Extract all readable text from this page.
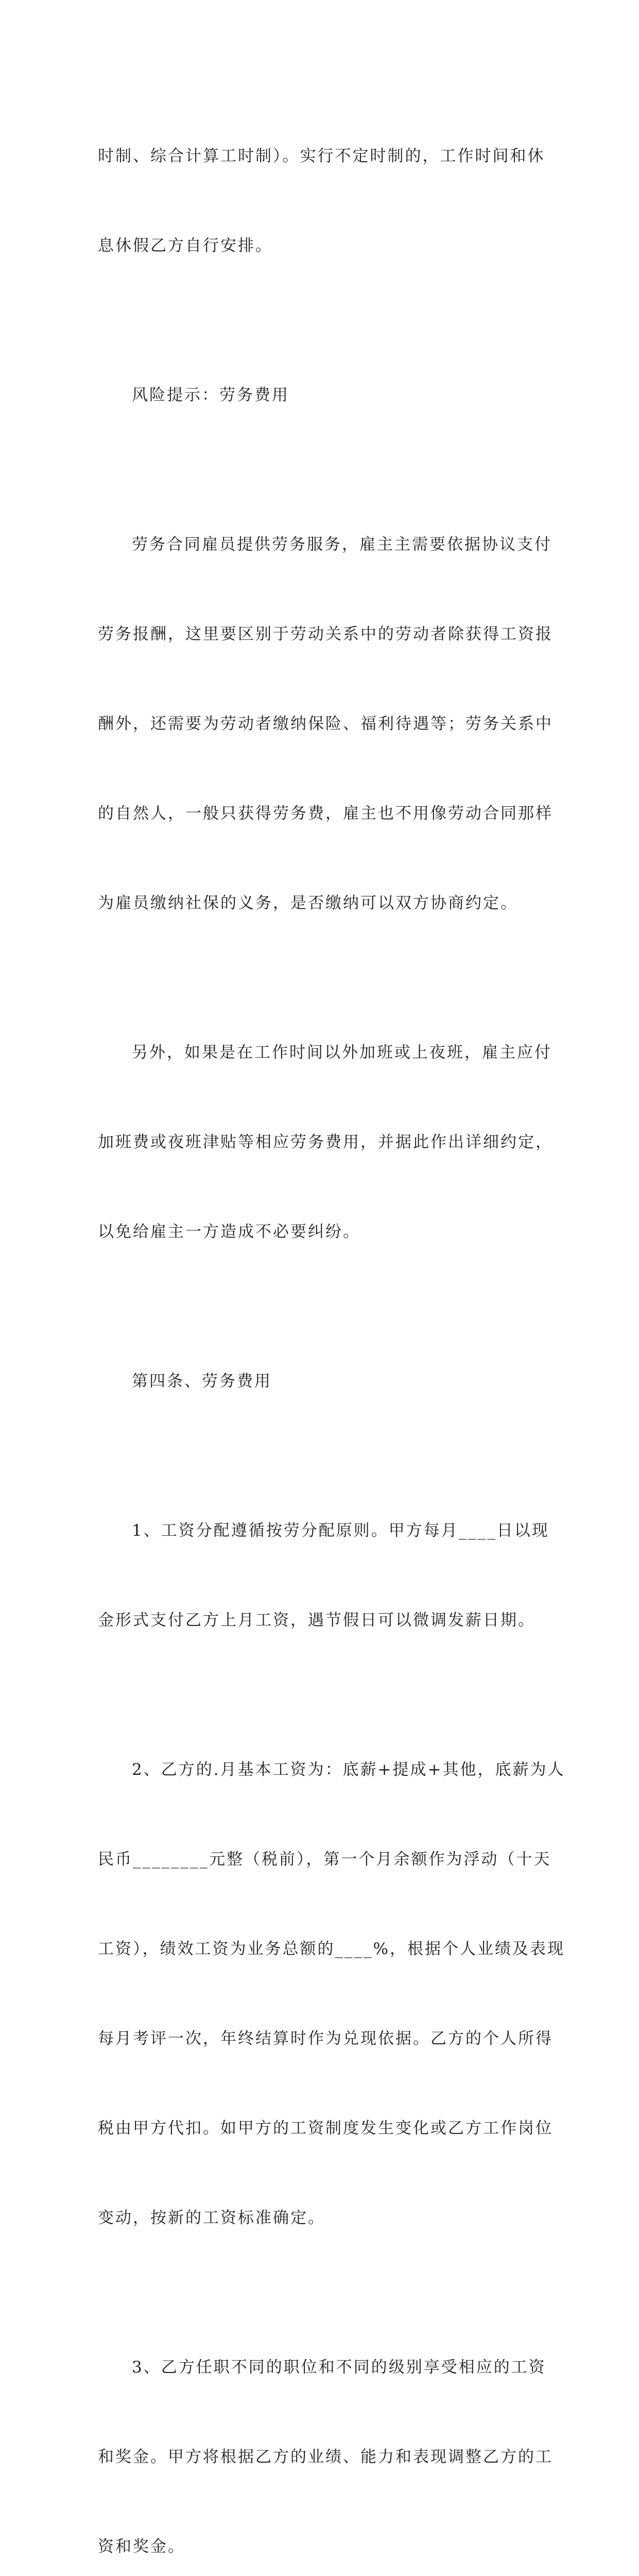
时制、综合计算工时制）。实行不定时制的，工作时间和休

息休假乙方自行安排。

风险提示：劳务费用

劳务合同雇员提供劳务服务，雇主主需要依据协议支付

劳务报酬，这里要区别于劳动关系中的劳动者除获得工资报

酬外，还需要为劳动者缴纳保险、福利待遇等；劳务关系中

的自然人，一般只获得劳务费，雇主也不用像劳动合同那样

为雇员缴纳社保的义务，是否缴纳可以双方协商约定。

另外，如果是在工作时间以外加班或上夜班，雇主应付

加班费或夜班津贴等相应劳务费用，并据此作出详细约定，

以免给雇主一方造成不必要纠纷。

第四条、劳务费用

1、工资分配遵循按劳分配原则。甲方每月____日以现

金形式支付乙方上月工资，遇节假日可以微调发薪日期。

2、乙方的.月基本工资为：底薪+提成+其他，底薪为人

民币________元整（税前），第一个月余额作为浮动（十天

工资），绩效工资为业务总额的____%，根据个人业绩及表现

每月考评一次，年终结算时作为兑现依据。乙方的个人所得

税由甲方代扣。如甲方的工资制度发生变化或乙方工作岗位

变动，按新的工资标准确定。

3、乙方任职不同的职位和不同的级别享受相应的工资

和奖金。甲方将根据乙方的业绩、能力和表现调整乙方的工

资和奖金。
